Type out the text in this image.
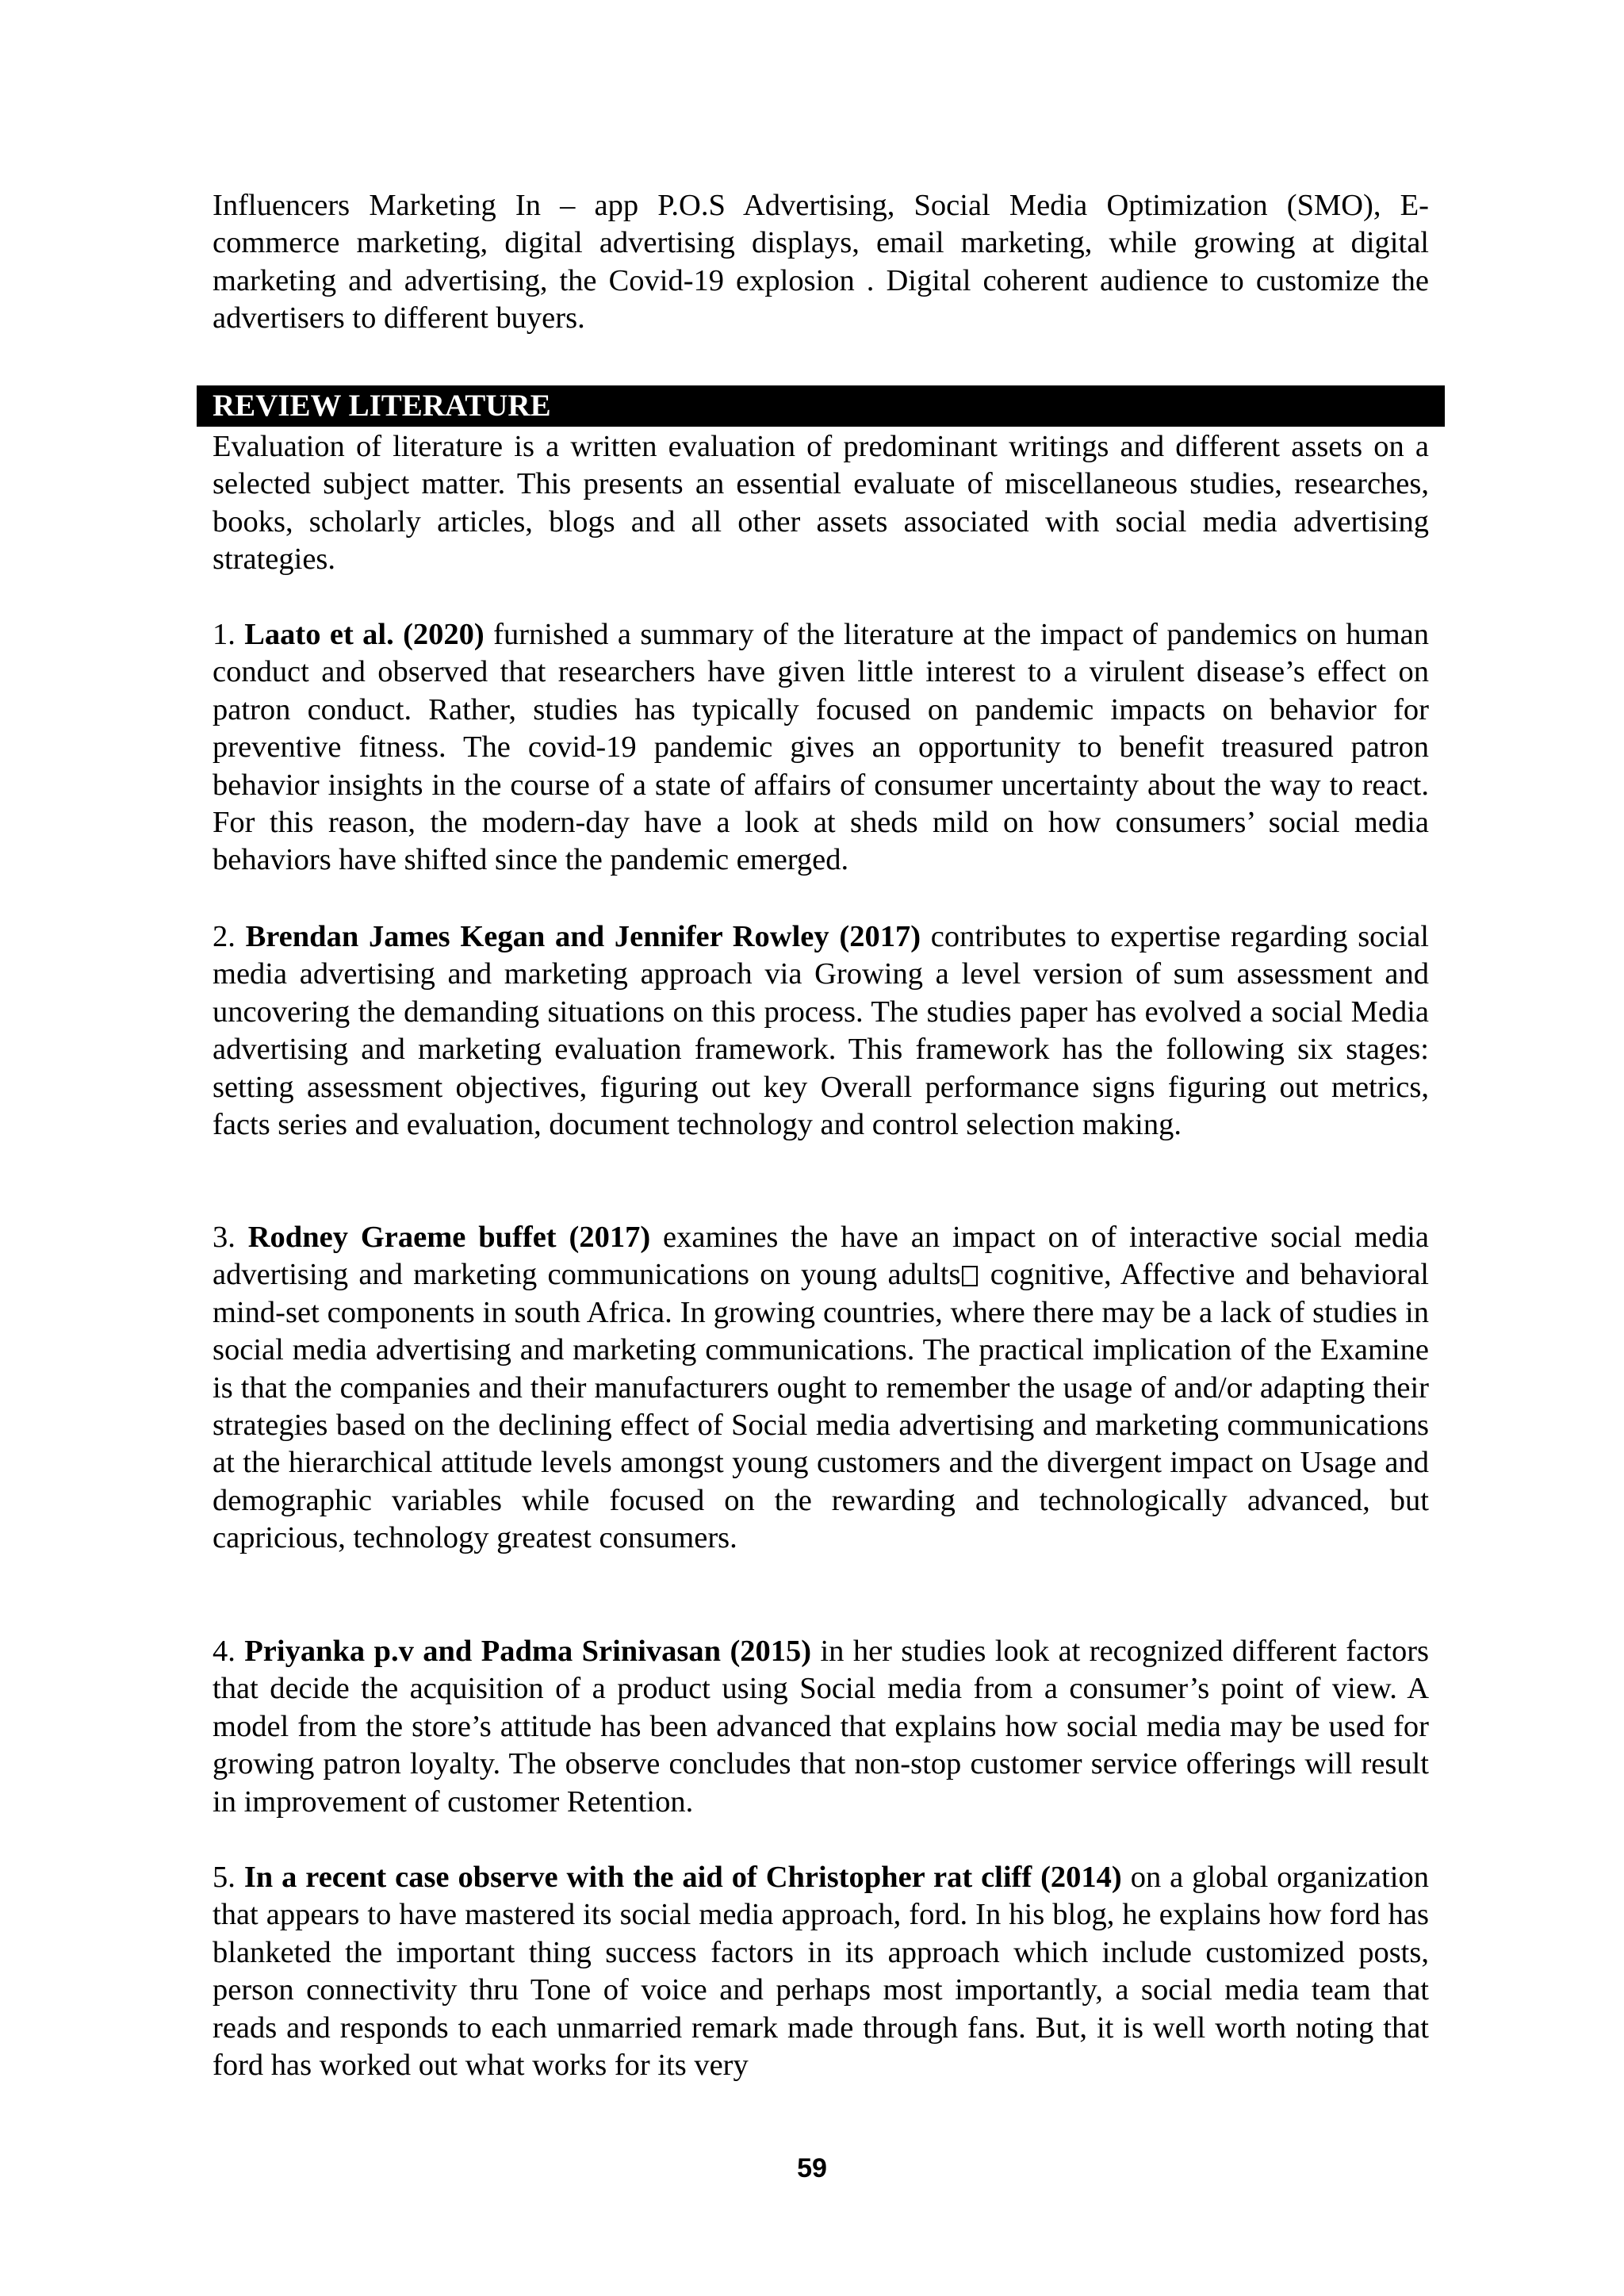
Influencers Marketing In – app P.O.S Advertising, Social Media Optimization (SMO), E-commerce marketing, digital advertising displays, email marketing, while growing at digital marketing and advertising, the Covid-19 explosion . Digital coherent audience to customize the advertisers to different buyers.

REVIEW LITERATURE

Evaluation of literature is a written evaluation of predominant writings and different assets on a selected subject matter. This presents an essential evaluate of miscellaneous studies, researches, books, scholarly articles, blogs and all other assets associated with social media advertising strategies.

1. Laato et al. (2020) furnished a summary of the literature at the impact of pandemics on human conduct and observed that researchers have given little interest to a virulent disease’s effect on patron conduct. Rather, studies has typically focused on pandemic impacts on behavior for preventive fitness. The covid-19 pandemic gives an opportunity to benefit treasured patron behavior insights in the course of a state of affairs of consumer uncertainty about the way to react. For this reason, the modern-day have a look at sheds mild on how consumers’ social media behaviors have shifted since the pandemic emerged.

2. Brendan James Kegan and Jennifer Rowley (2017) contributes to expertise regarding social media advertising and marketing approach via Growing a level version of sum assessment and uncovering the demanding situations on this process. The studies paper has evolved a social Media advertising and marketing evaluation framework. This framework has the following six stages: setting assessment objectives, figuring out key Overall performance signs figuring out metrics, facts series and evaluation, document technology and control selection making.

3. Rodney Graeme buffet (2017) examines the have an impact on of interactive social media advertising and marketing communications on young adults cognitive, Affective and behavioral mind-set components in south Africa. In growing countries, where there may be a lack of studies in social media advertising and marketing communications. The practical implication of the Examine is that the companies and their manufacturers ought to remember the usage of and/or adapting their strategies based on the declining effect of Social media advertising and marketing communications at the hierarchical attitude levels amongst young customers and the divergent impact on Usage and demographic variables while focused on the rewarding and technologically advanced, but capricious, technology greatest consumers.

4. Priyanka p.v and Padma Srinivasan (2015) in her studies look at recognized different factors that decide the acquisition of a product using Social media from a consumer’s point of view. A model from the store’s attitude has been advanced that explains how social media may be used for growing patron loyalty. The observe concludes that non-stop customer service offerings will result in improvement of customer Retention.

5. In a recent case observe with the aid of Christopher rat cliff (2014) on a global organization that appears to have mastered its social media approach, ford. In his blog, he explains how ford has blanketed the important thing success factors in its approach which include customized posts, person connectivity thru Tone of voice and perhaps most importantly, a social media team that reads and responds to each unmarried remark made through fans. But, it is well worth noting that ford has worked out what works for its very

59
